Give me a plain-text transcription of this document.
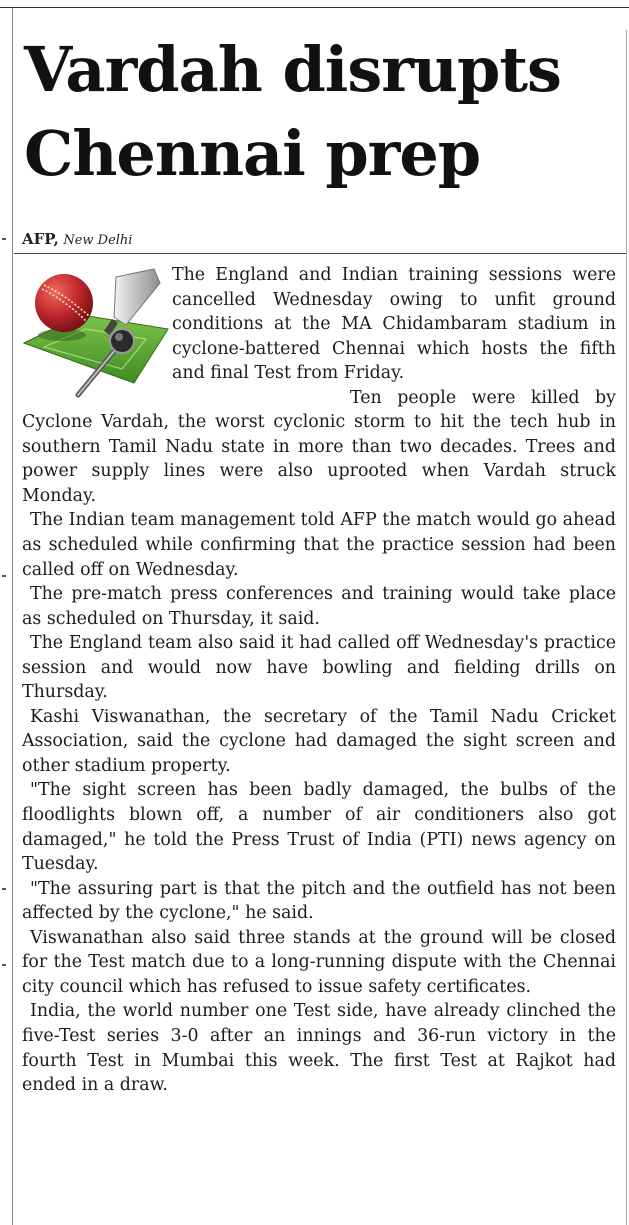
Vardah disrupts Chennai prep
AFP, New Delhi

The England and Indian training sessions were cancelled Wednesday owing to unfit ground conditions at the MA Chidambaram stadium in cyclone-battered Chennai which hosts the fifth and final Test from Friday.

Ten people were killed by Cyclone Vardah, the worst cyclonic storm to hit the tech hub in southern Tamil Nadu state in more than two decades. Trees and power supply lines were also uprooted when Vardah struck Monday.

The Indian team management told AFP the match would go ahead as scheduled while confirming that the practice session had been called off on Wednesday.

The pre-match press conferences and training would take place as scheduled on Thursday, it said.

The England team also said it had called off Wednesday's practice session and would now have bowling and fielding drills on Thursday.

Kashi Viswanathan, the secretary of the Tamil Nadu Cricket Association, said the cyclone had damaged the sight screen and other stadium property.

"The sight screen has been badly damaged, the bulbs of the floodlights blown off, a number of air conditioners also got damaged," he told the Press Trust of India (PTI) news agency on Tuesday.

"The assuring part is that the pitch and the outfield has not been affected by the cyclone," he said.

Viswanathan also said three stands at the ground will be closed for the Test match due to a long-running dispute with the Chennai city council which has refused to issue safety certificates.

India, the world number one Test side, have already clinched the five-Test series 3-0 after an innings and 36-run victory in the fourth Test in Mumbai this week. The first Test at Rajkot had ended in a draw.
